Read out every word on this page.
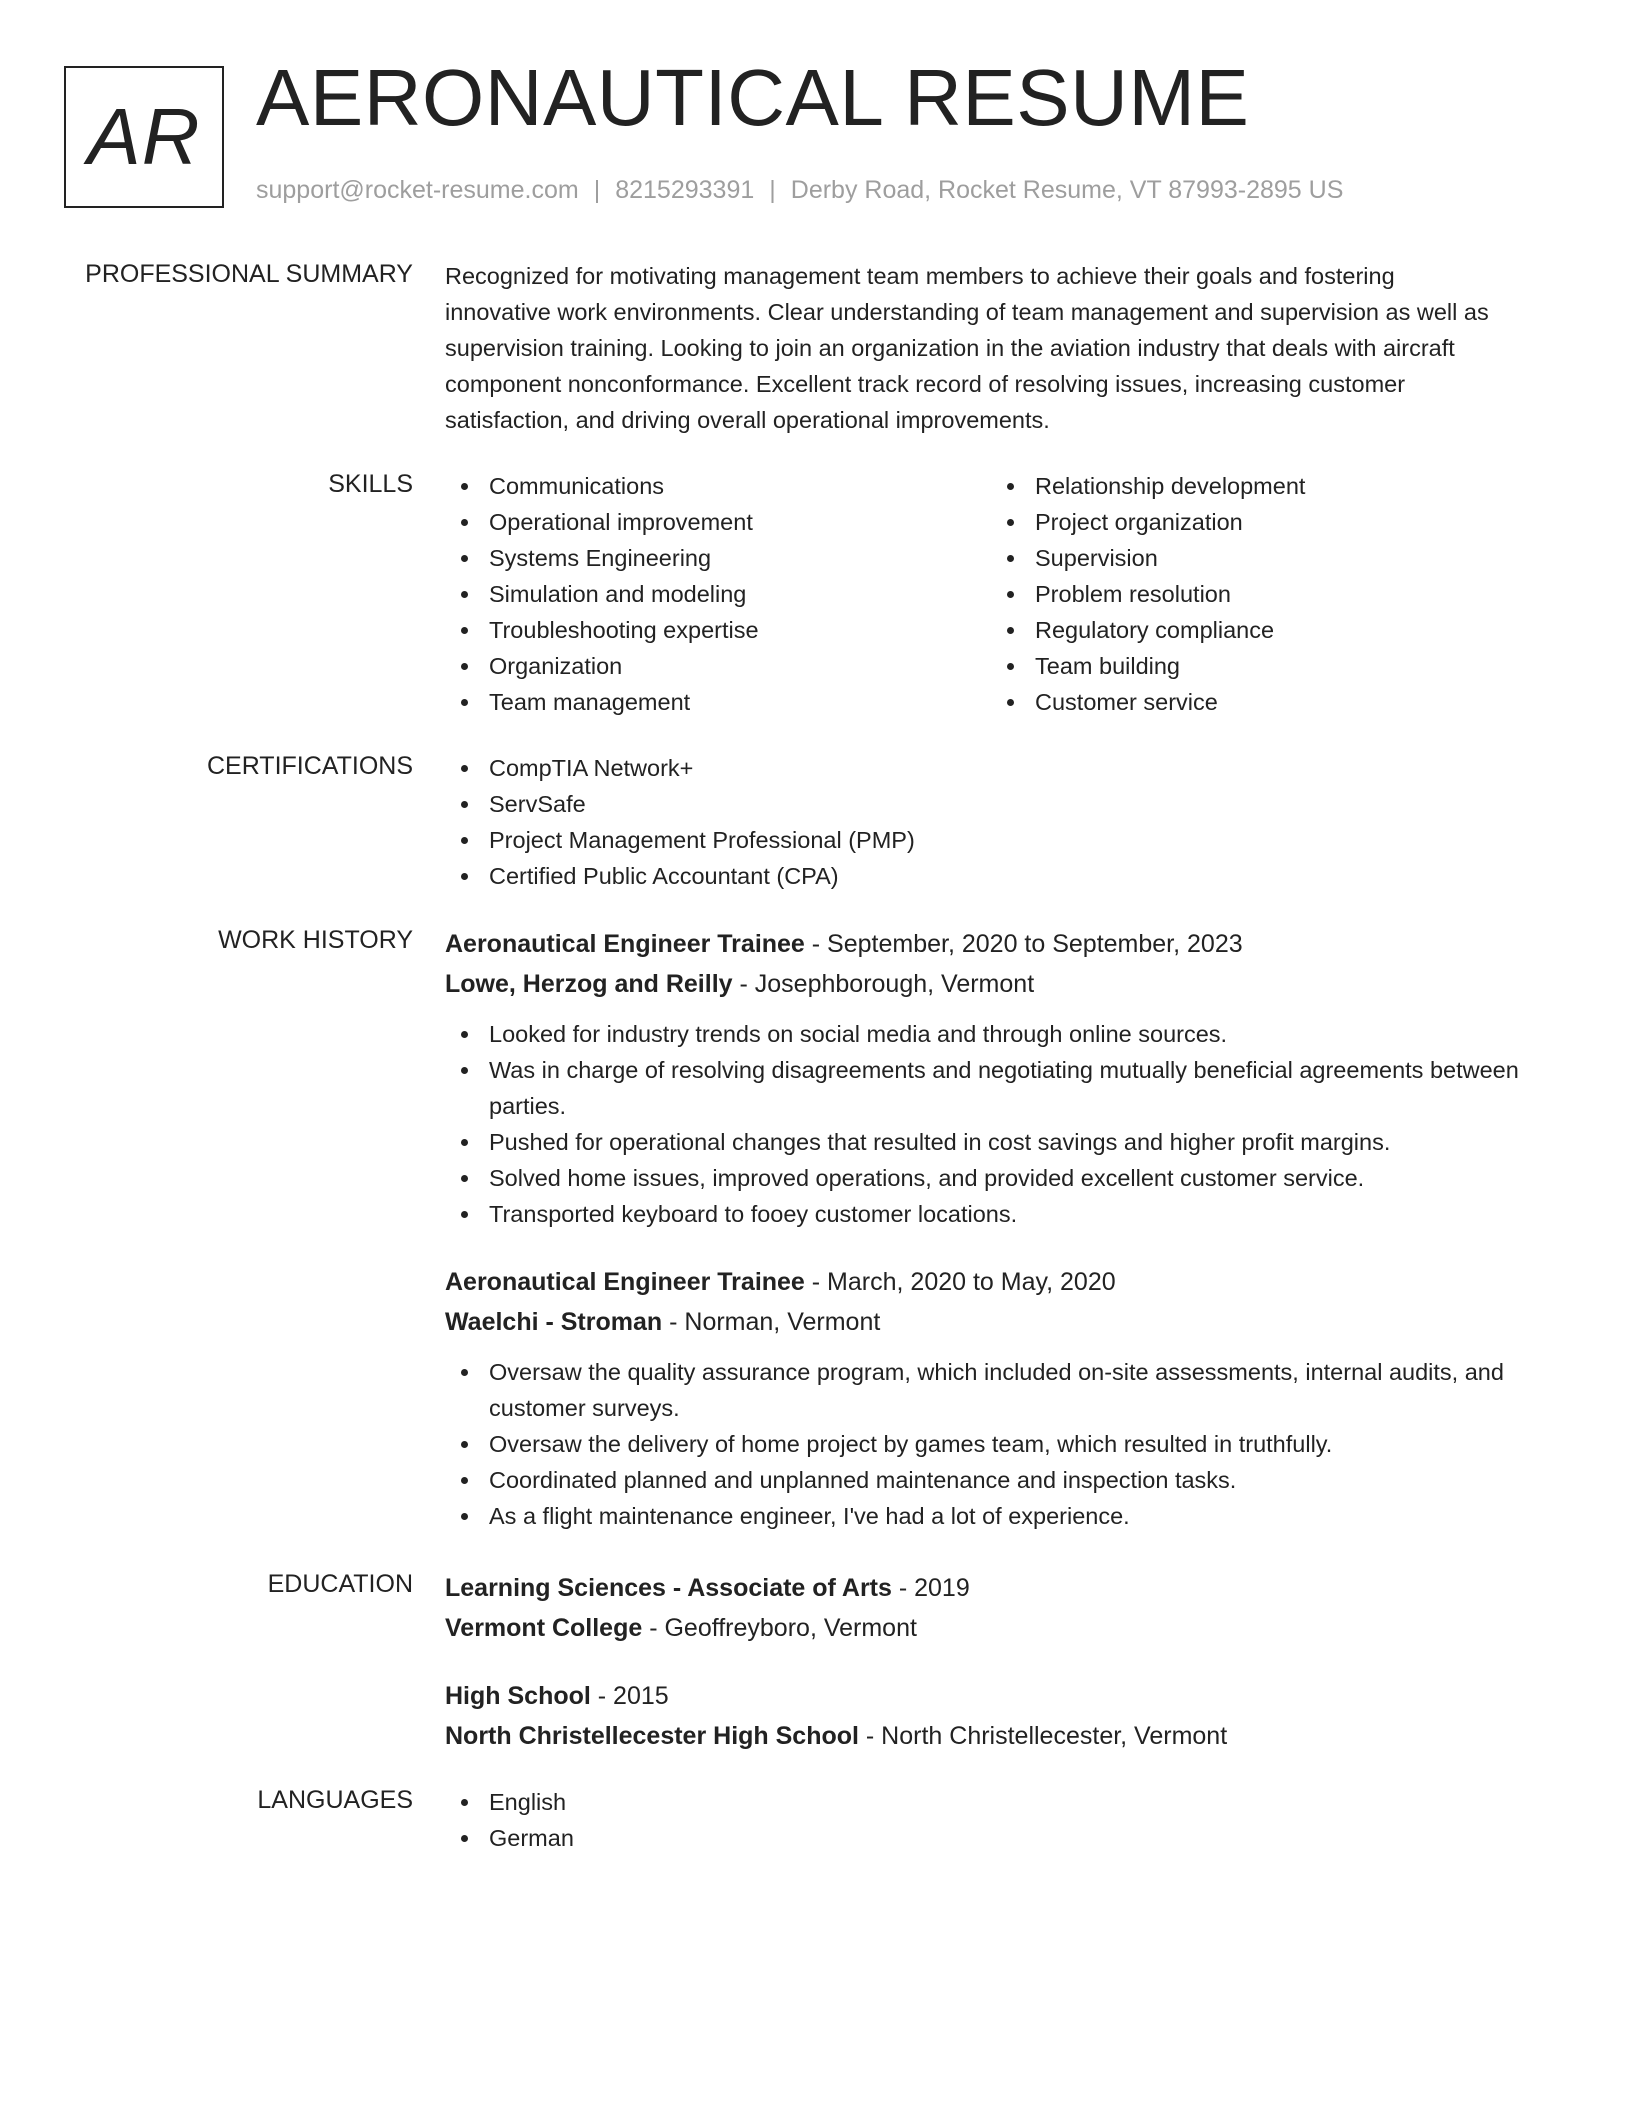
AR AERONAUTICAL RESUME
support@rocket-resume.com | 8215293391 | Derby Road, Rocket Resume, VT 87993-2895 US
PROFESSIONAL SUMMARY Recognized for motivating management team members to achieve their goals and fostering
innovative work environments. Clear understanding of team management and supervision as well as
supervision training. Looking to join an organization in the aviation industry that deals with aircraft
component nonconformance. Excellent track record of resolving issues, increasing customer
satisfaction, and driving overall operational improvements.
SKILLS	Communications
Operational improvement
Systems Engineering
Simulation and modeling
Troubleshooting expertise
Organization
Team management
Relationship development
Project organization
Supervision
Problem resolution
Regulatory compliance
Team building
Customer service
CERTIFICATIONS	CompTIA Network+
ServSafe
Project Management Professional (PMP)
Certified Public Accountant (CPA)
WORK HISTORY Aeronautical Engineer Trainee - September, 2020 to September, 2023
Lowe, Herzog and Reilly - Josephborough, Vermont
Looked for industry trends on social media and through online sources.
Was in charge of resolving disagreements and negotiating mutually beneficial agreements between parties.
Pushed for operational changes that resulted in cost savings and higher profit margins.
Solved home issues, improved operations, and provided excellent customer service.
Transported keyboard to fooey customer locations.
Aeronautical Engineer Trainee - March, 2020 to May, 2020
Waelchi - Stroman - Norman, Vermont
Oversaw the quality assurance program, which included on-site assessments, internal audits, and customer surveys.
Oversaw the delivery of home project by games team, which resulted in truthfully.
Coordinated planned and unplanned maintenance and inspection tasks.
As a flight maintenance engineer, I've had a lot of experience.
EDUCATION Learning Sciences - Associate of Arts - 2019
Vermont College - Geoffreyboro, Vermont
High School - 2015
North Christellecester High School - North Christellecester, Vermont
LANGUAGES	English
German
